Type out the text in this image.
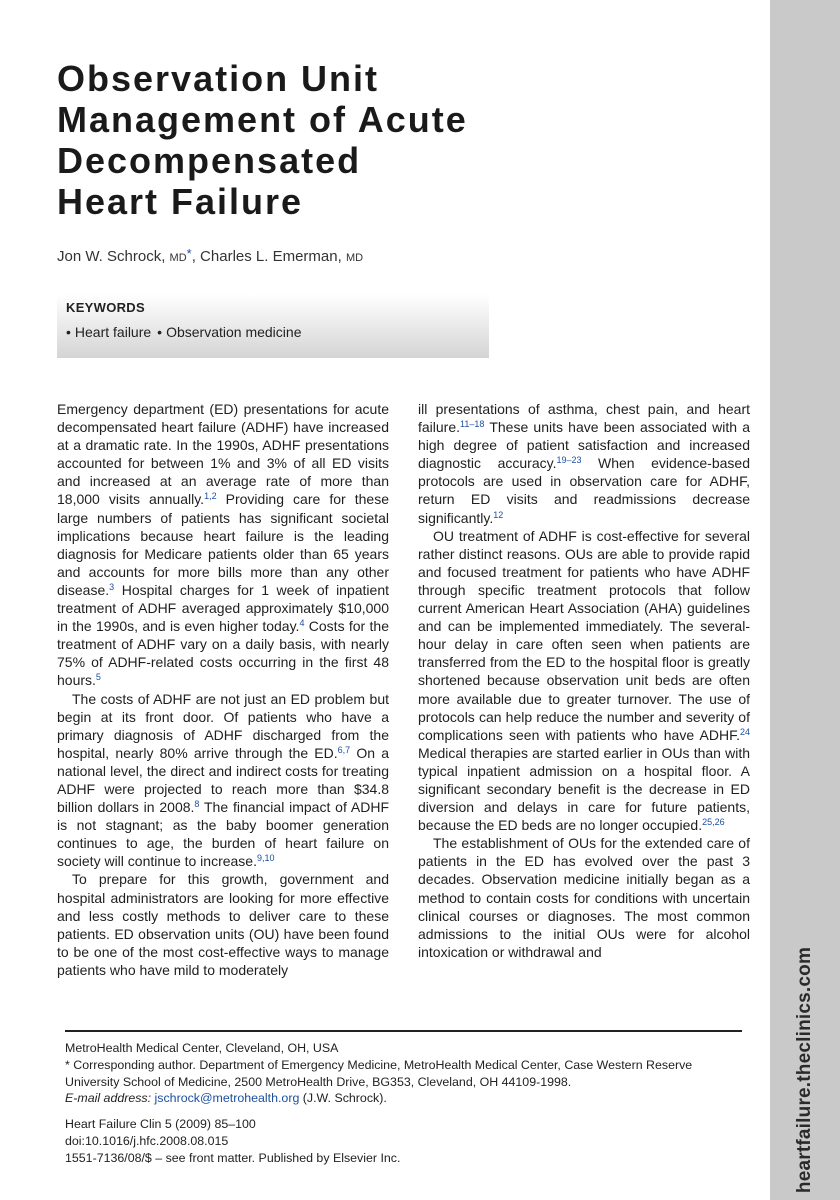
heartfailure.theclinics.com
Observation Unit
Management of Acute
Decompensated
Heart Failure
Jon W. Schrock, MD*, Charles L. Emerman, MD
KEYWORDS
• Heart failure • Observation medicine

Emergency department (ED) presentations for acute decompensated heart failure (ADHF) have increased at a dramatic rate. In the 1990s, ADHF presentations accounted for between 1% and 3% of all ED visits and increased at an average rate of more than 18,000 visits annually.$^{1,2}$ Providing care for these large numbers of patients has significant societal implications because heart failure is the leading diagnosis for Medicare patients older than 65 years and accounts for more bills more than any other disease.$^3$ Hospital charges for 1 week of inpatient treatment of ADHF averaged approximately $10,000 in the 1990s, and is even higher today.$^4$ Costs for the treatment of ADHF vary on a daily basis, with nearly 75% of ADHF-related costs occurring in the first 48 hours.$^5$

The costs of ADHF are not just an ED problem but begin at its front door. Of patients who have a primary diagnosis of ADHF discharged from the hospital, nearly 80% arrive through the ED.$^{6,7}$ On a national level, the direct and indirect costs for treating ADHF were projected to reach more than $34.8 billion dollars in 2008.$^8$ The financial impact of ADHF is not stagnant; as the baby boomer generation continues to age, the burden of heart failure on society will continue to increase.$^{9,10}$

To prepare for this growth, government and hospital administrators are looking for more effective and less costly methods to deliver care to these patients. ED observation units (OU) have been found to be one of the most cost-effective ways to manage patients who have mild to moderately

ill presentations of asthma, chest pain, and heart failure.$^{11-18}$ These units have been associated with a high degree of patient satisfaction and increased diagnostic accuracy.$^{19-23}$ When evidence-based protocols are used in observation care for ADHF, return ED visits and readmissions decrease significantly.$^{12}$

OU treatment of ADHF is cost-effective for several rather distinct reasons. OUs are able to provide rapid and focused treatment for patients who have ADHF through specific treatment protocols that follow current American Heart Association (AHA) guidelines and can be implemented immediately. The several-hour delay in care often seen when patients are transferred from the ED to the hospital floor is greatly shortened because observation unit beds are often more available due to greater turnover. The use of protocols can help reduce the number and severity of complications seen with patients who have ADHF.$^{24}$ Medical therapies are started earlier in OUs than with typical inpatient admission on a hospital floor. A significant secondary benefit is the decrease in ED diversion and delays in care for future patients, because the ED beds are no longer occupied.$^{25,26}$

The establishment of OUs for the extended care of patients in the ED has evolved over the past 3 decades. Observation medicine initially began as a method to contain costs for conditions with uncertain clinical courses or diagnoses. The most common admissions to the initial OUs were for alcohol intoxication or withdrawal and

MetroHealth Medical Center, Cleveland, OH, USA

* Corresponding author. Department of Emergency Medicine, MetroHealth Medical Center, Case Western Reserve University School of Medicine, 2500 MetroHealth Drive, BG353, Cleveland, OH 44109-1998.

E-mail address: jschrock@metrohealth.org (J.W. Schrock).

Heart Failure Clin 5 (2009) 85–100

doi:10.1016/j.hfc.2008.08.015

1551-7136/08/$ – see front matter. Published by Elsevier Inc.
